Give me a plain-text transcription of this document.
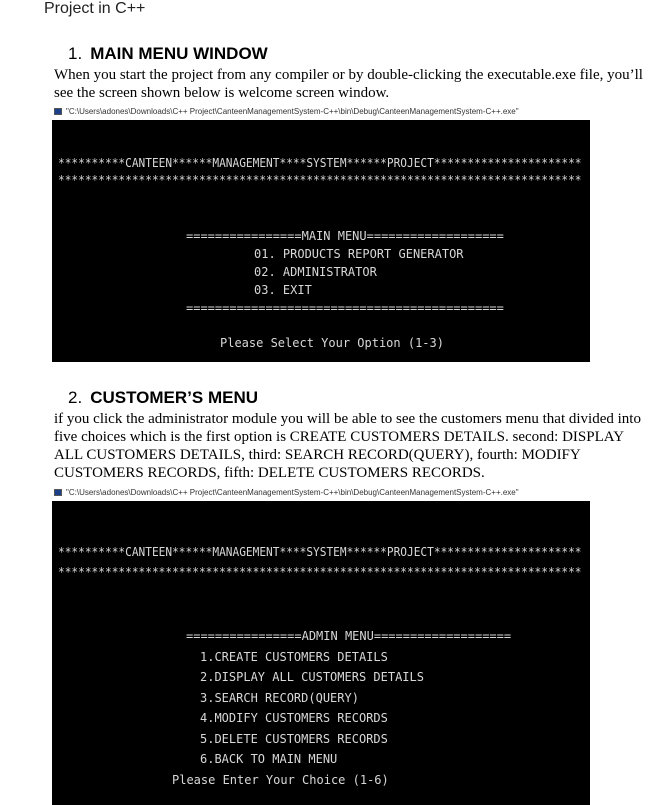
Project in C++
1. MAIN MENU WINDOW
When you start the project from any compiler or by double-clicking the executable.exe file, you’ll see the screen shown below is welcome screen window.
"C:\Users\adones\Downloads\C++ Project\CanteenManagementSystem-C++\bin\Debug\CanteenManagementSystem-C++.exe"
**********CANTEEN******MANAGEMENT****SYSTEM******PROJECT**********************
******************************************************************************
================MAIN MENU===================
01. PRODUCTS REPORT GENERATOR
02. ADMINISTRATOR
03. EXIT
============================================
Please Select Your Option (1-3)
2. CUSTOMER’S MENU
if you click the administrator module you will be able to see the customers menu that divided into five choices which is the first option is CREATE CUSTOMERS DETAILS. second: DISPLAY ALL CUSTOMERS DETAILS, third: SEARCH RECORD(QUERY), fourth: MODIFY CUSTOMERS RECORDS, fifth: DELETE CUSTOMERS RECORDS.
"C:\Users\adones\Downloads\C++ Project\CanteenManagementSystem-C++\bin\Debug\CanteenManagementSystem-C++.exe"
**********CANTEEN******MANAGEMENT****SYSTEM******PROJECT**********************
******************************************************************************
================ADMIN MENU===================
1.CREATE CUSTOMERS DETAILS
2.DISPLAY ALL CUSTOMERS DETAILS
3.SEARCH RECORD(QUERY)
4.MODIFY CUSTOMERS RECORDS
5.DELETE CUSTOMERS RECORDS
6.BACK TO MAIN MENU
Please Enter Your Choice (1-6)
